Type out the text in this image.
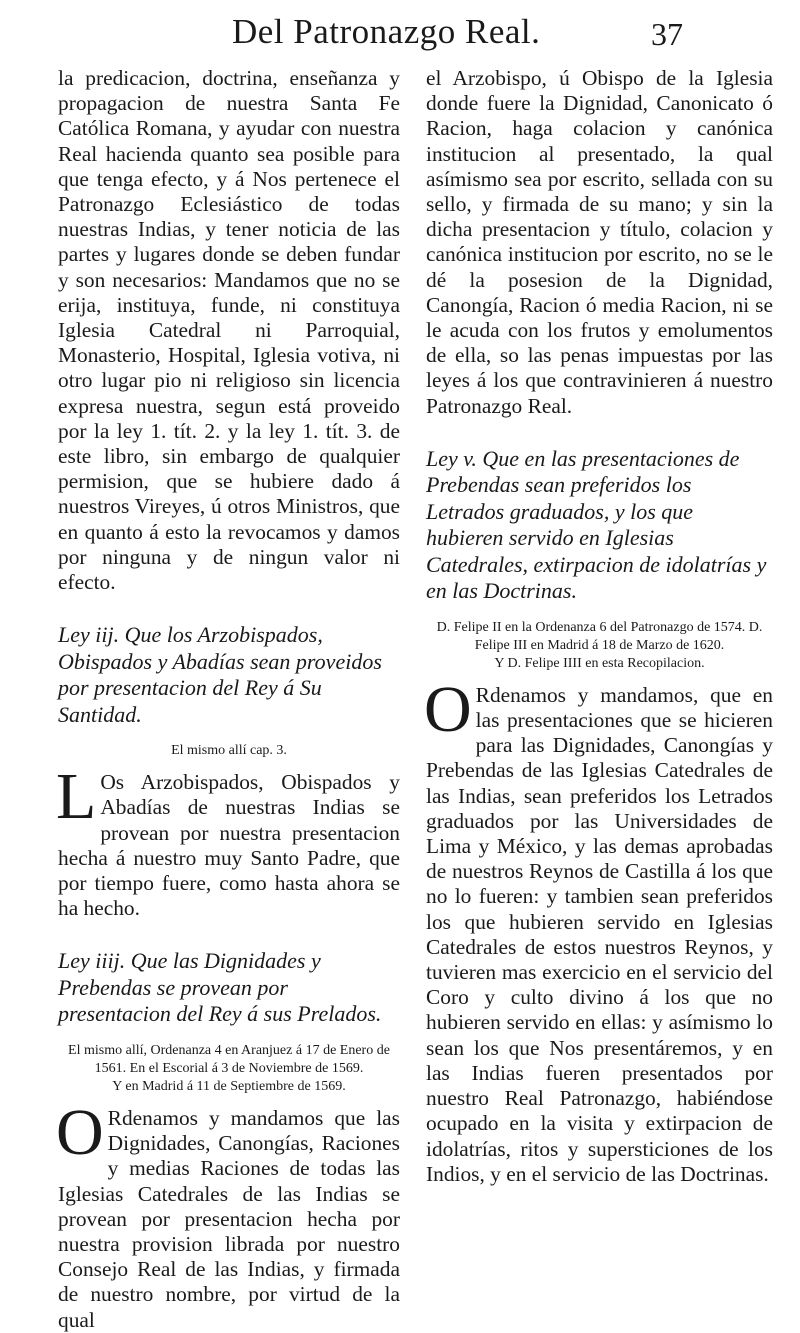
Del Patronazgo Real.	37

la predicacion, doctrina, enseñanza y propagacion de nuestra Santa Fe Católica Romana, y ayudar con nuestra Real hacienda quanto sea posible para que tenga efecto, y á Nos pertenece el Patronazgo Eclesiástico de todas nuestras Indias, y tener noticia de las partes y lugares donde se deben fundar y son necesarios: Mandamos que no se erija, instituya, funde, ni constituya Iglesia Catedral ni Parroquial, Monasterio, Hospital, Iglesia votiva, ni otro lugar pio ni religioso sin licencia expresa nuestra, segun está proveido por la ley 1. tít. 2. y la ley 1. tít. 3. de este libro, sin embargo de qualquier permision, que se hubiere dado á nuestros Vireyes, ú otros Ministros, que en quanto á esto la revocamos y damos por ninguna y de ningun valor ni efecto.

Ley iij. Que los Arzobispados, Obispados y Abadías sean proveidos por presentacion del Rey á Su Santidad.

El mismo allí cap. 3.

L Os Arzobispados, Obispados y Abadías de nuestras Indias se provean por nuestra presentacion hecha á nuestro muy Santo Padre, que por tiempo fuere, como hasta ahora se ha hecho.

Ley iiij. Que las Dignidades y Prebendas se provean por presentacion del Rey á sus Prelados.

El mismo allí, Ordenanza 4 en Aranjuez á 17 de Enero de 1561. En el Escorial á 3 de Noviembre de 1569.
Y en Madrid á 11 de Septiembre de 1569.

O Rdenamos y mandamos que las Dignidades, Canongías, Raciones y medias Raciones de todas las Iglesias Catedrales de las Indias se provean por presentacion hecha por nuestra provision librada por nuestro Consejo Real de las Indias, y firmada de nuestro nombre, por virtud de la qual

el Arzobispo, ú Obispo de la Iglesia donde fuere la Dignidad, Canonicato ó Racion, haga colacion y canónica institucion al presentado, la qual asímismo sea por escrito, sellada con su sello, y firmada de su mano; y sin la dicha presentacion y título, colacion y canónica institucion por escrito, no se le dé la posesion de la Dignidad, Canongía, Racion ó media Racion, ni se le acuda con los frutos y emolumentos de ella, so las penas impuestas por las leyes á los que contravinieren á nuestro Patronazgo Real.

Ley v. Que en las presentaciones de Prebendas sean preferidos los Letrados graduados, y los que hubieren servido en Iglesias Catedrales, extirpacion de idolatrías y en las Doctrinas.

D. Felipe II en la Ordenanza 6 del Patronazgo de 1574. D. Felipe III en Madrid á 18 de Marzo de 1620.
Y D. Felipe IIII en esta Recopilacion.

O Rdenamos y mandamos, que en las presentaciones que se hicieren para las Dignidades, Canongías y Prebendas de las Iglesias Catedrales de las Indias, sean preferidos los Letrados graduados por las Universidades de Lima y México, y las demas aprobadas de nuestros Reynos de Castilla á los que no lo fueren: y tambien sean preferidos los que hubieren servido en Iglesias Catedrales de estos nuestros Reynos, y tuvieren mas exercicio en el servicio del Coro y culto divino á los que no hubieren servido en ellas: y asímismo lo sean los que Nos presentáremos, y en las Indias fueren presentados por nuestro Real Patronazgo, habiéndose ocupado en la visita y extirpacion de idolatrías, ritos y supersticiones de los Indios, y en el servicio de las Doctrinas.
